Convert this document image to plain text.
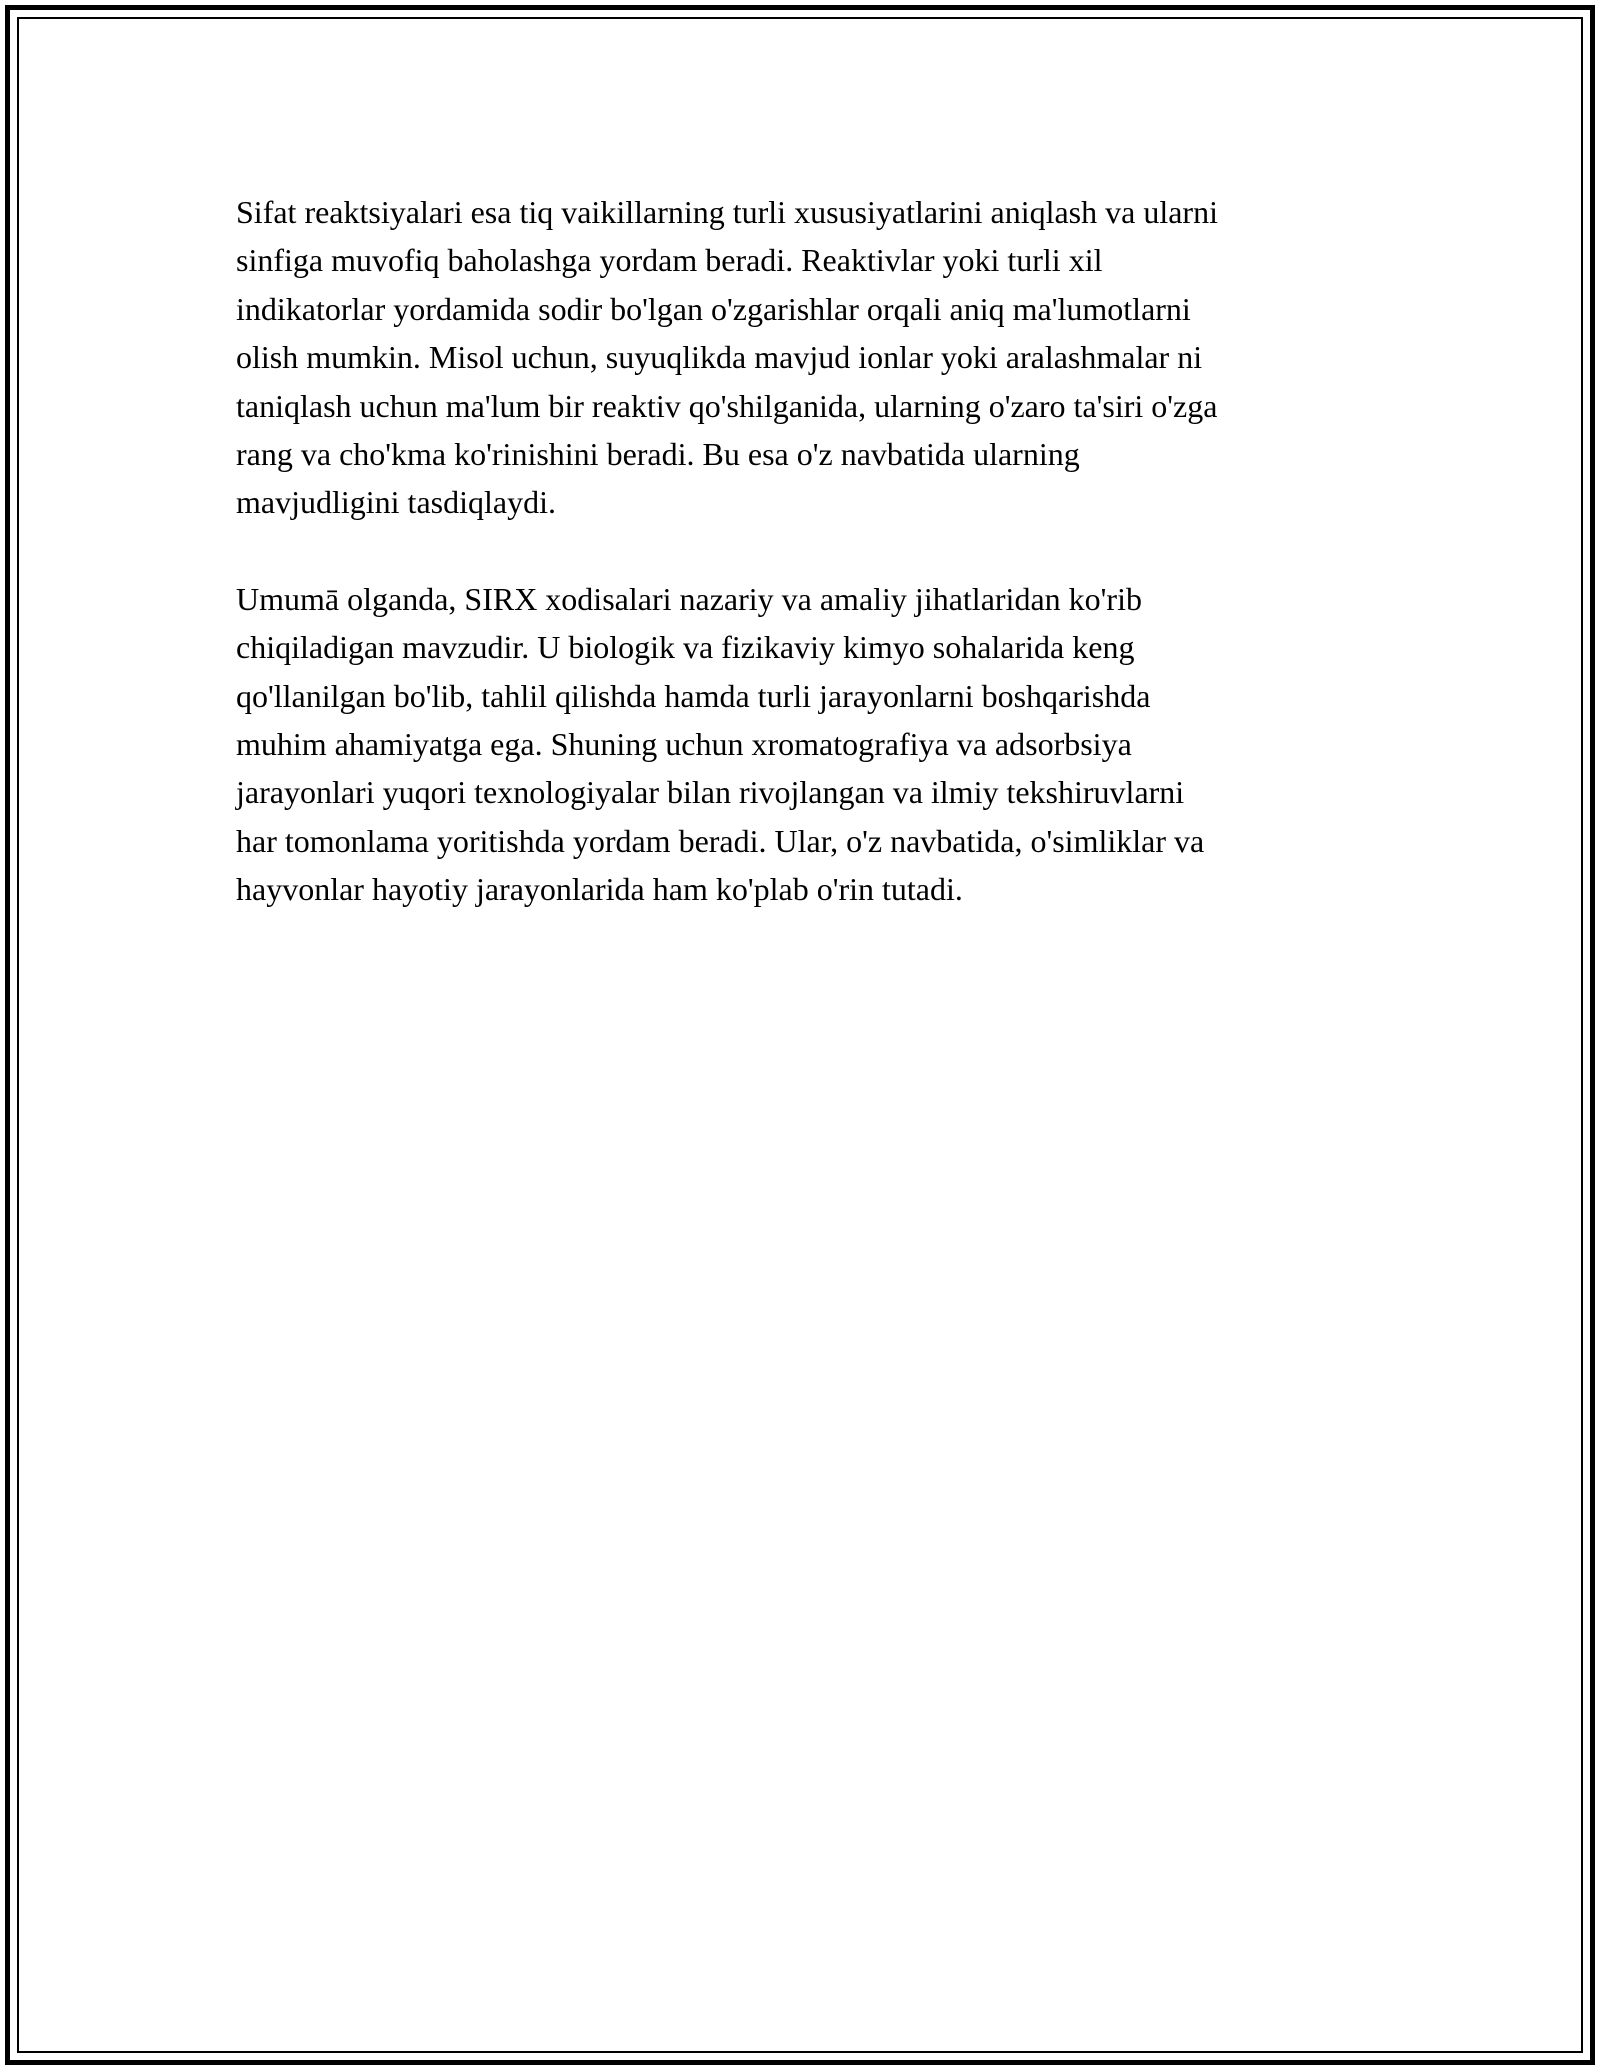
Sifat reaktsiyalari esa tiq vaikillarning turli xususiyatlarini aniqlash va ularni
sinfiga muvofiq baholashga yordam beradi. Reaktivlar yoki turli xil
indikatorlar yordamida sodir bo'lgan o'zgarishlar orqali aniq ma'lumotlarni
olish mumkin. Misol uchun, suyuqlikda mavjud ionlar yoki aralashmalar ni
taniqlash uchun ma'lum bir reaktiv qo'shilganida, ularning o'zaro ta'siri o'zga
rang va cho'kma ko'rinishini beradi. Bu esa o'z navbatida ularning
mavjudligini tasdiqlaydi.

Umumā olganda, SIRX xodisalari nazariy va amaliy jihatlaridan ko'rib
chiqiladigan mavzudir. U biologik va fizikaviy kimyo sohalarida keng
qo'llanilgan bo'lib, tahlil qilishda hamda turli jarayonlarni boshqarishda
muhim ahamiyatga ega. Shuning uchun xromatografiya va adsorbsiya
jarayonlari yuqori texnologiyalar bilan rivojlangan va ilmiy tekshiruvlarni
har tomonlama yoritishda yordam beradi. Ular, o'z navbatida, o'simliklar va
hayvonlar hayotiy jarayonlarida ham ko'plab o'rin tutadi.
